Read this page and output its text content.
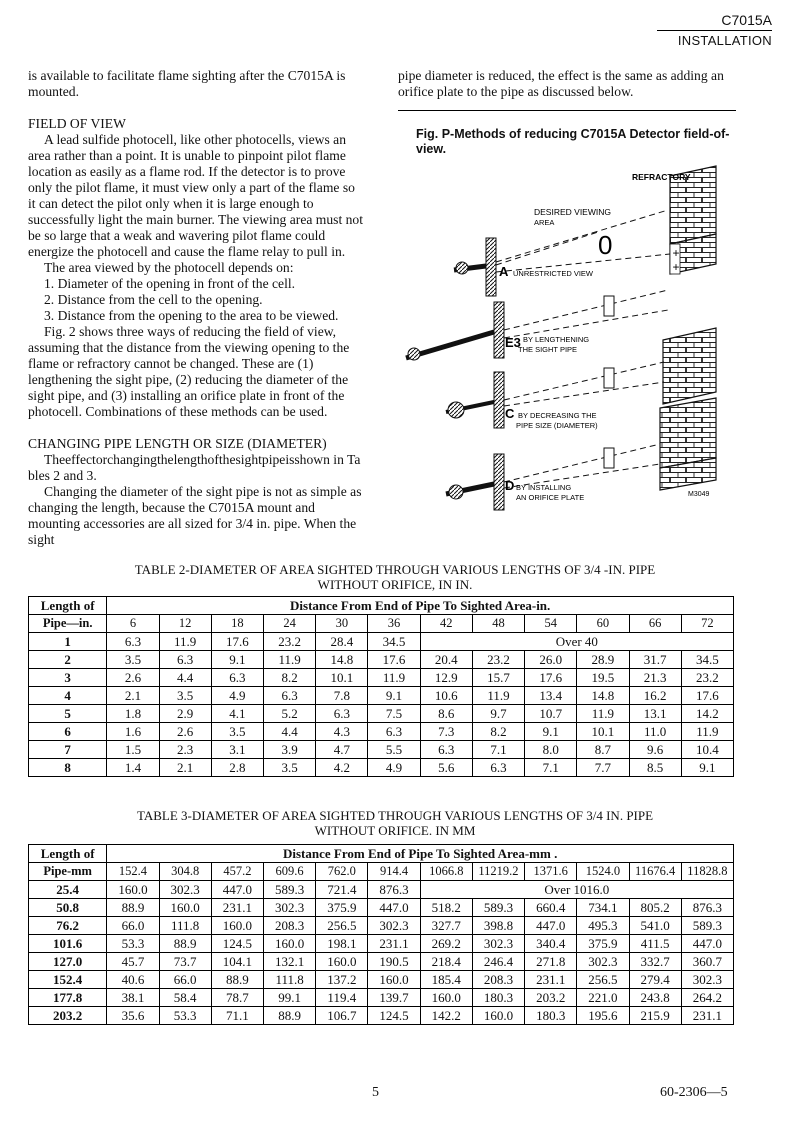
C7015A
INSTALLATION

is available to facilitate flame sighting after the C7015A is mounted.

FIELD OF VIEW

A lead sulfide photocell, like other photocells, views an area rather than a point. It is unable to pinpoint pilot flame location as easily as a flame rod. If the detector is to prove only the pilot flame, it must view only a part of the flame so it can detect the pilot only when it is large enough to successfully light the main burner. The viewing area must not be so large that a weak and wavering pilot flame could energize the photocell and cause the flame relay to pull in.

The area viewed by the photocell depends on:

1. Diameter of the opening in front of the cell.

2. Distance from the cell to the opening.

3. Distance from the opening to the area to be viewed.

Fig. 2 shows three ways of reducing the field of view, assuming that the distance from the viewing opening to the flame or refractory cannot be changed. These are (1) lengthening the sight pipe, (2) reducing the diameter of the sight pipe, and (3) installing an orifice plate in front of the photocell. Combinations of these methods can be used.

CHANGING PIPE LENGTH OR SIZE (DIAMETER)

Theeffectorchangingthelengthofthesightpipeisshown in Tables 2 and 3.

Changing the diameter of the sight pipe is not as simple as changing the length, because the C7015A mount and mounting accessories are all sized for 3/4 in. pipe. When the sight

pipe diameter is reduced, the effect is the same as adding an orifice plate to the pipe as discussed below.

Fig. P-Methods of reducing C7015A Detector field-of-view.
+
+
REFRACTORY
DESIRED VIEWING
AREA
0
A UNRESTRICTED VIEW
E3 BY LENGTHENING
THE SIGHT PIPE
C BY DECREASING THE
PIPE SIZE (DIAMETER)
D BY INSTALLING
AN ORIFICE PLATE	M3049
TABLE 2-DIAMETER OF AREA SIGHTED THROUGH VARIOUS LENGTHS OF 3/4 -IN. PIPE
WITHOUT ORIFICE, IN IN.
Length of	Distance From End of Pipe To Sighted Area-in.											
Pipe—in.	6	12	18	24	30	36	42	48	54	60	66	72
1	6.3	11.9	17.6	23.2	28.4	34.5	Over 40					
2	3.5	6.3	9.1	11.9	14.8	17.6	20.4	23.2	26.0	28.9	31.7	34.5
3	2.6	4.4	6.3	8.2	10.1	11.9	12.9	15.7	17.6	19.5	21.3	23.2
4	2.1	3.5	4.9	6.3	7.8	9.1	10.6	11.9	13.4	14.8	16.2	17.6
5	1.8	2.9	4.1	5.2	6.3	7.5	8.6	9.7	10.7	11.9	13.1	14.2
6	1.6	2.6	3.5	4.4	4.3	6.3	7.3	8.2	9.1	10.1	11.0	11.9
7	1.5	2.3	3.1	3.9	4.7	5.5	6.3	7.1	8.0	8.7	9.6	10.4
8	1.4	2.1	2.8	3.5	4.2	4.9	5.6	6.3	7.1	7.7	8.5	9.1
TABLE 3-DIAMETER OF AREA SIGHTED THROUGH VARIOUS LENGTHS OF 3/4 IN. PIPE
WITHOUT ORIFICE. IN MM
Length of	Distance From End of Pipe To Sighted Area-mm .											
Pipe-mm	152.4	304.8	457.2	609.6	762.0	914.4	1066.8	11219.2	1371.6	1524.0	11676.4	11828.8
25.4	160.0	302.3	447.0	589.3	721.4	876.3	Over 1016.0					
50.8	88.9	160.0	231.1	302.3	375.9	447.0	518.2	589.3	660.4	734.1	805.2	876.3
76.2	66.0	111.8	160.0	208.3	256.5	302.3	327.7	398.8	447.0	495.3	541.0	589.3
101.6	53.3	88.9	124.5	160.0	198.1	231.1	269.2	302.3	340.4	375.9	411.5	447.0
127.0	45.7	73.7	104.1	132.1	160.0	190.5	218.4	246.4	271.8	302.3	332.7	360.7
152.4	40.6	66.0	88.9	111.8	137.2	160.0	185.4	208.3	231.1	256.5	279.4	302.3
177.8	38.1	58.4	78.7	99.1	119.4	139.7	160.0	180.3	203.2	221.0	243.8	264.2
203.2	35.6	53.3	71.1	88.9	106.7	124.5	142.2	160.0	180.3	195.6	215.9	231.1
5	60-2306—5
